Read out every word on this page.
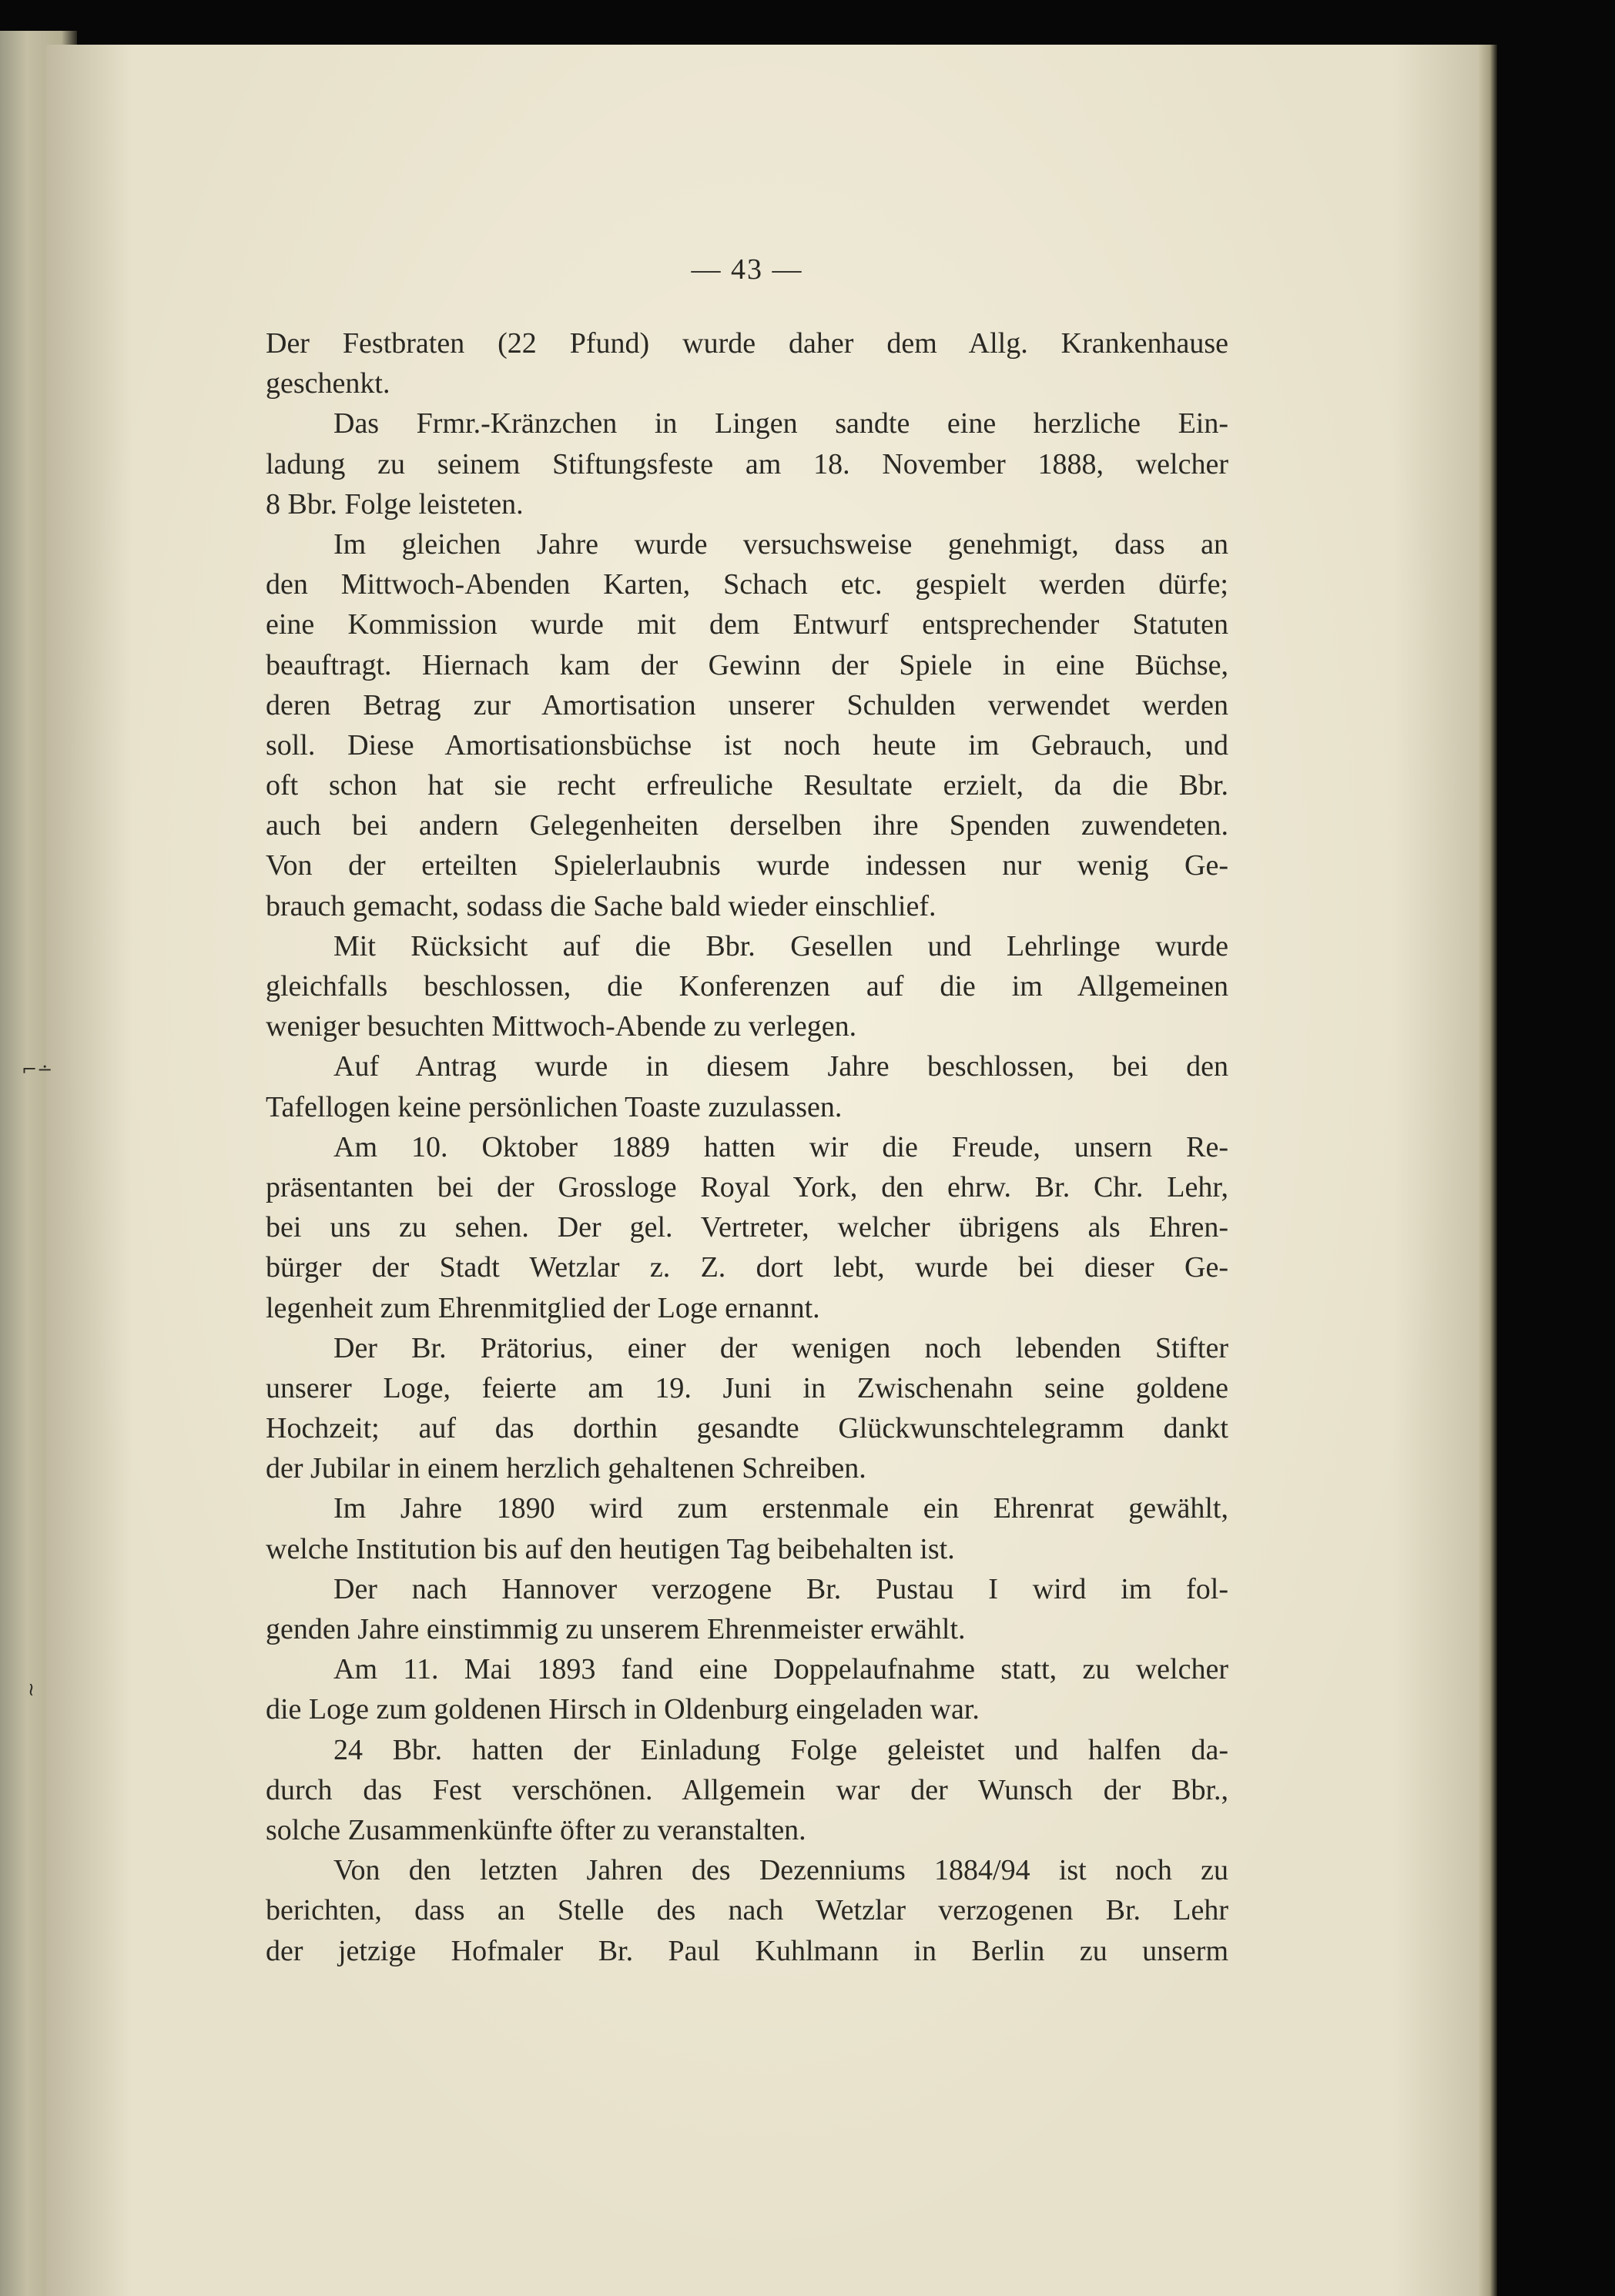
⌐∸
≀
— 43 —
Der Festbraten (22 Pfund) wurde daher dem Allg. Krankenhause
geschenkt.
Das Frmr.-Kränzchen in Lingen sandte eine herzliche Ein-
ladung zu seinem Stiftungsfeste am 18. November 1888, welcher
8 Bbr. Folge leisteten.
Im gleichen Jahre wurde versuchsweise genehmigt, dass an
den Mittwoch-Abenden Karten, Schach etc. gespielt werden dürfe;
eine Kommission wurde mit dem Entwurf entsprechender Statuten
beauftragt. Hiernach kam der Gewinn der Spiele in eine Büchse,
deren Betrag zur Amortisation unserer Schulden verwendet werden
soll. Diese Amortisationsbüchse ist noch heute im Gebrauch, und
oft schon hat sie recht erfreuliche Resultate erzielt, da die Bbr.
auch bei andern Gelegenheiten derselben ihre Spenden zuwendeten.
Von der erteilten Spielerlaubnis wurde indessen nur wenig Ge-
brauch gemacht, sodass die Sache bald wieder einschlief.
Mit Rücksicht auf die Bbr. Gesellen und Lehrlinge wurde
gleichfalls beschlossen, die Konferenzen auf die im Allgemeinen
weniger besuchten Mittwoch-Abende zu verlegen.
Auf Antrag wurde in diesem Jahre beschlossen, bei den
Tafellogen keine persönlichen Toaste zuzulassen.
Am 10. Oktober 1889 hatten wir die Freude, unsern Re-
präsentanten bei der Grossloge Royal York, den ehrw. Br. Chr. Lehr,
bei uns zu sehen. Der gel. Vertreter, welcher übrigens als Ehren-
bürger der Stadt Wetzlar z. Z. dort lebt, wurde bei dieser Ge-
legenheit zum Ehrenmitglied der Loge ernannt.
Der Br. Prätorius, einer der wenigen noch lebenden Stifter
unserer Loge, feierte am 19. Juni in Zwischenahn seine goldene
Hochzeit; auf das dorthin gesandte Glückwunschtelegramm dankt
der Jubilar in einem herzlich gehaltenen Schreiben.
Im Jahre 1890 wird zum erstenmale ein Ehrenrat gewählt,
welche Institution bis auf den heutigen Tag beibehalten ist.
Der nach Hannover verzogene Br. Pustau I wird im fol-
genden Jahre einstimmig zu unserem Ehrenmeister erwählt.
Am 11. Mai 1893 fand eine Doppelaufnahme statt, zu welcher
die Loge zum goldenen Hirsch in Oldenburg eingeladen war.
24 Bbr. hatten der Einladung Folge geleistet und halfen da-
durch das Fest verschönen. Allgemein war der Wunsch der Bbr.,
solche Zusammenkünfte öfter zu veranstalten.
Von den letzten Jahren des Dezenniums 1884/94 ist noch zu
berichten, dass an Stelle des nach Wetzlar verzogenen Br. Lehr
der jetzige Hofmaler Br. Paul Kuhlmann in Berlin zu unserm
